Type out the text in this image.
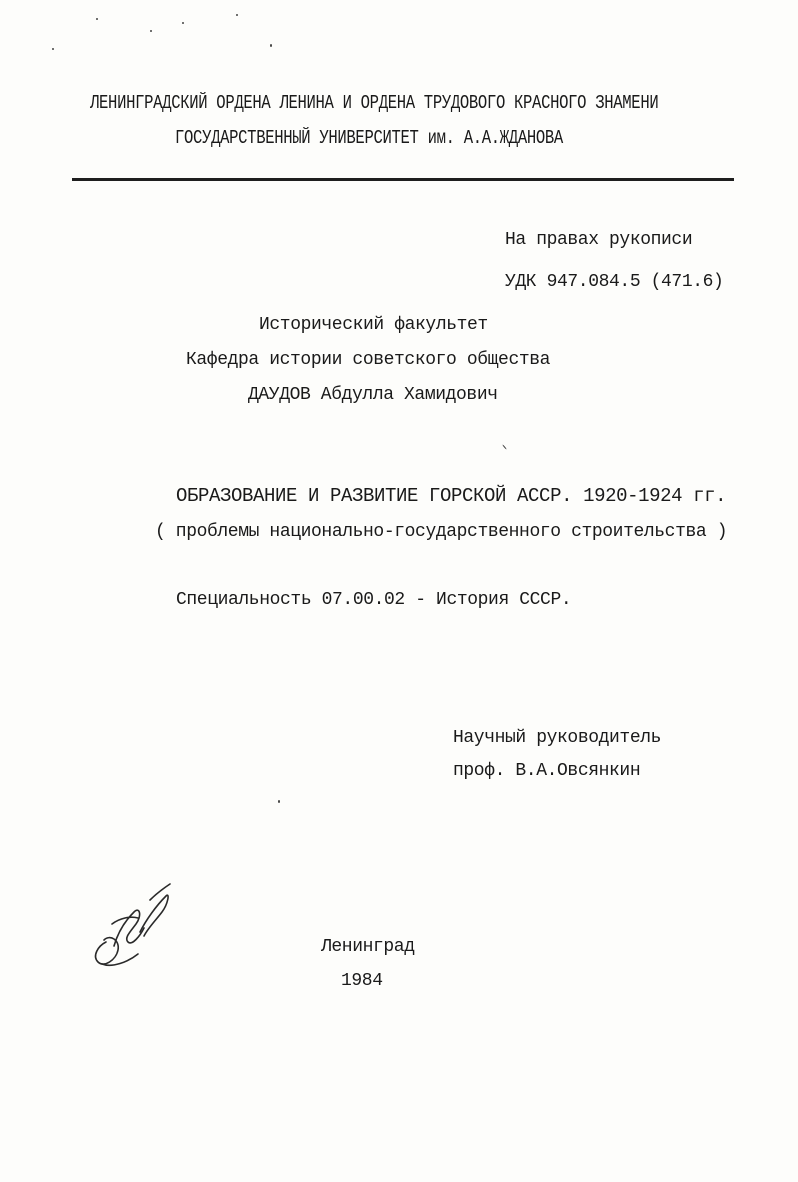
ЛЕНИНГРАДСКИЙ ОРДЕНА ЛЕНИНА И ОРДЕНА ТРУДОВОГО КРАСНОГО ЗНАМЕНИ
ГОСУДАРСТВЕННЫЙ УНИВЕРСИТЕТ им. А.А.ЖДАНОВА
На правах рукописи
УДК 947.084.5 (471.6)
Исторический факультет
Кафедра истории советского общества
ДАУДОВ Абдулла Хамидович
ОБРАЗОВАНИЕ И РАЗВИТИЕ ГОРСКОЙ АССР. 1920-1924 гг.
( проблемы национально-государственного строительства )
Специальность 07.00.02 - История СССР.
Научный руководитель
проф. В.А.Овсянкин
Ленинград
1984
